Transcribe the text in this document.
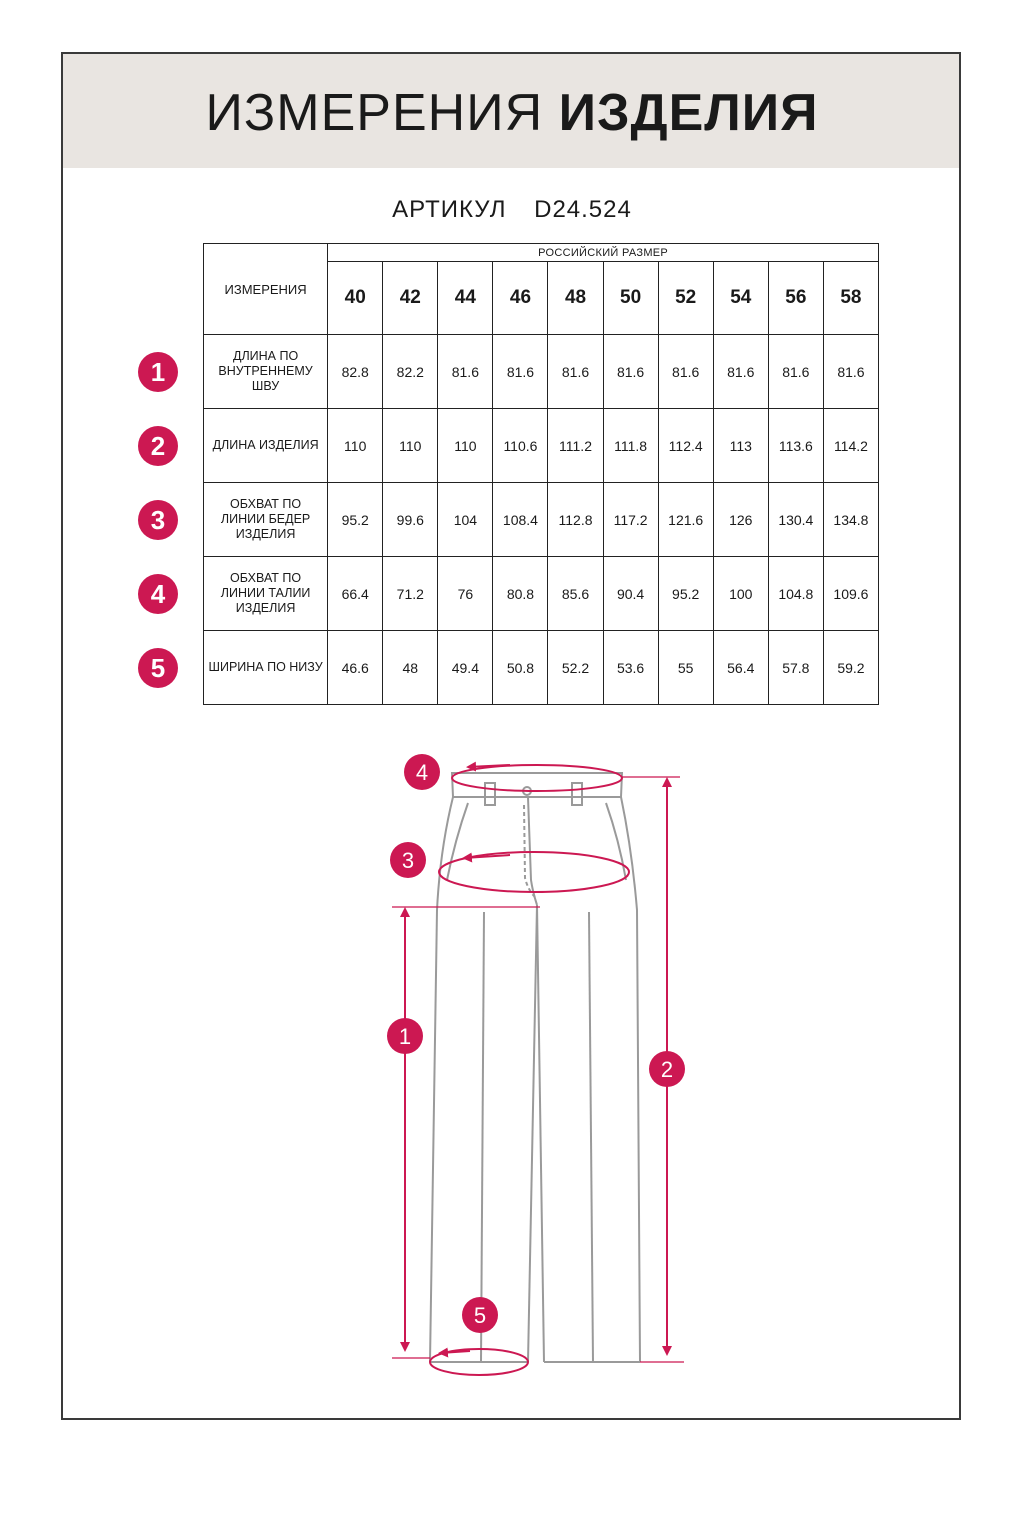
ИЗМЕРЕНИЯ ИЗДЕЛИЯ
АРТИКУЛ D24.524
ИЗМЕРЕНИЯ	РОССИЙСКИЙ РАЗМЕР									
	40	42	44	46	48	50	52	54	56	58
ДЛИНА ПО ВНУТРЕННЕМУ ШВУ	82.8	82.2	81.6	81.6	81.6	81.6	81.6	81.6	81.6	81.6
ДЛИНА ИЗДЕЛИЯ	110	110	110	110.6	111.2	111.8	112.4	113	113.6	114.2
ОБХВАТ ПО ЛИНИИ БЕДЕР ИЗДЕЛИЯ	95.2	99.6	104	108.4	112.8	117.2	121.6	126	130.4	134.8
ОБХВАТ ПО ЛИНИИ ТАЛИИ ИЗДЕЛИЯ	66.4	71.2	76	80.8	85.6	90.4	95.2	100	104.8	109.6
ШИРИНА ПО НИЗУ	46.6	48	49.4	50.8	52.2	53.6	55	56.4	57.8	59.2
1
2
3
4
5
4
3
1
2
5
